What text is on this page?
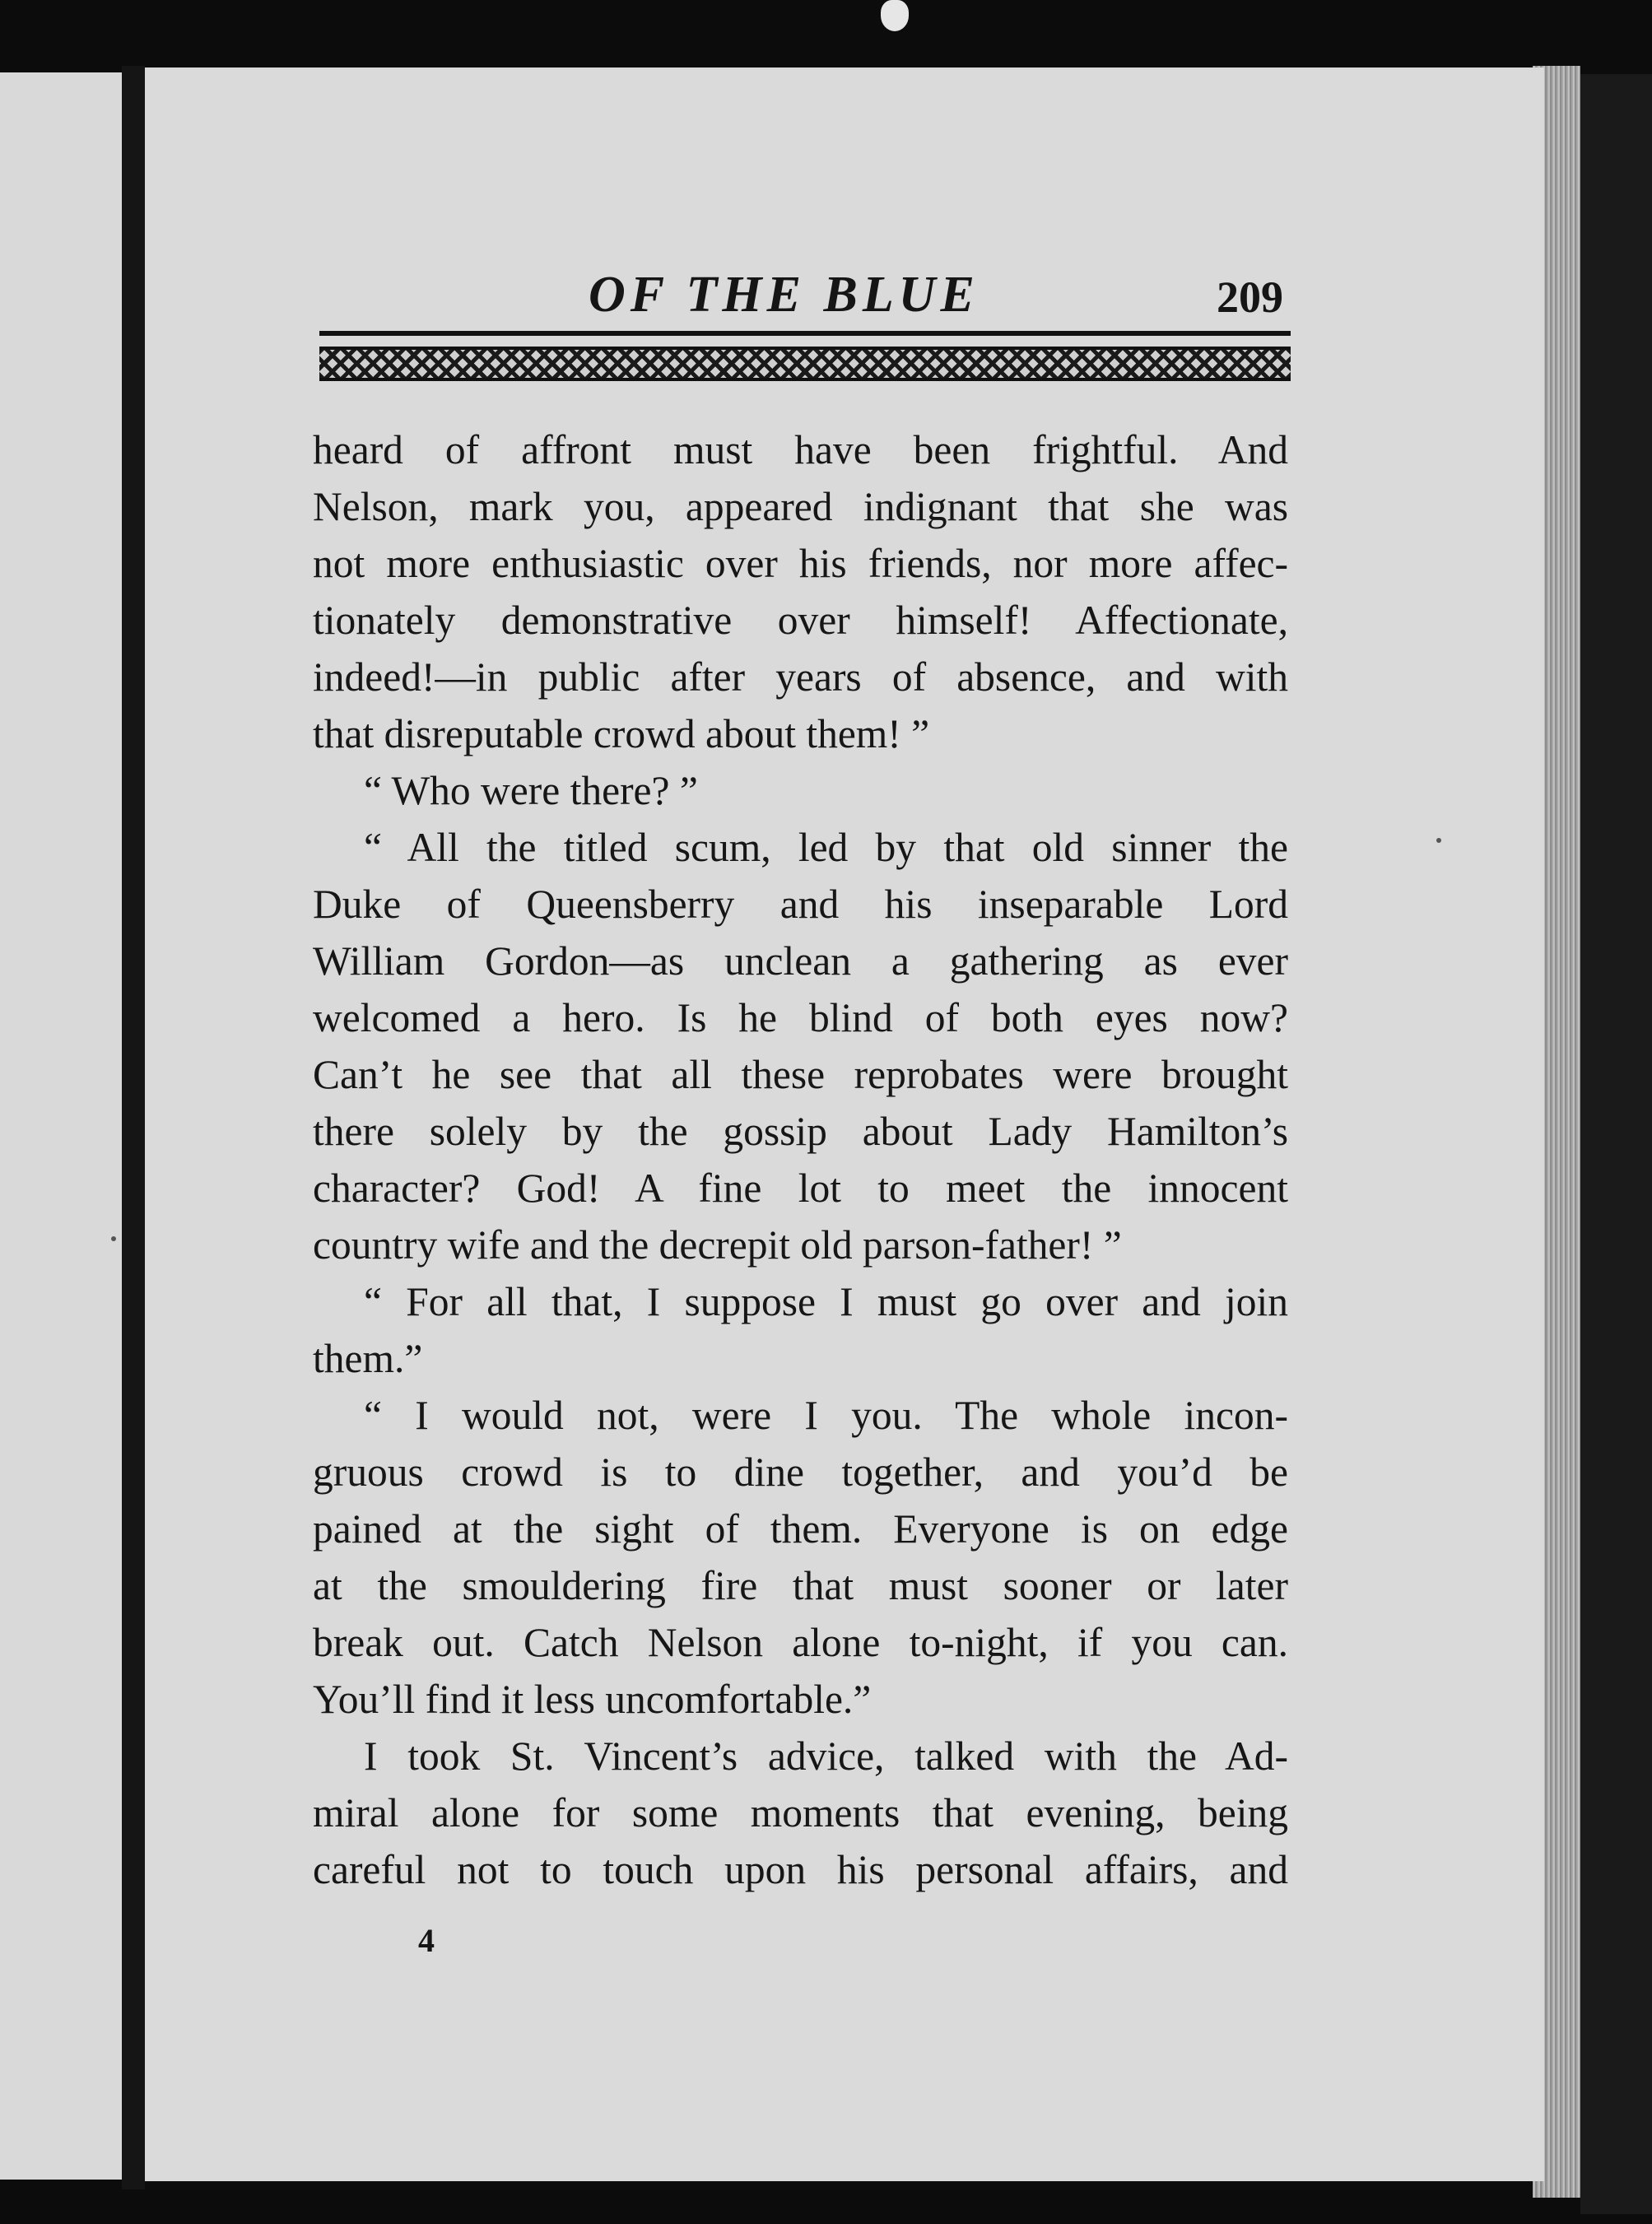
OF THE BLUE	209
heard of affront must have been frightful. And
Nelson, mark you, appeared indignant that she was
not more enthusiastic over his friends, nor more affec-
tionately demonstrative over himself! Affectionate,
indeed!—in public after years of absence, and with
that disreputable crowd about them! ”
“ Who were there? ”
“ All the titled scum, led by that old sinner the
Duke of Queensberry and his inseparable Lord
William Gordon—as unclean a gathering as ever
welcomed a hero. Is he blind of both eyes now?
Can’t he see that all these reprobates were brought
there solely by the gossip about Lady Hamilton’s
character? God! A fine lot to meet the innocent
country wife and the decrepit old parson-father! ”
“ For all that, I suppose I must go over and join
them.”
“ I would not, were I you. The whole incon-
gruous crowd is to dine together, and you’d be
pained at the sight of them. Everyone is on edge
at the smouldering fire that must sooner or later
break out. Catch Nelson alone to-night, if you can.
You’ll find it less uncomfortable.”
I took St. Vincent’s advice, talked with the Ad-
miral alone for some moments that evening, being
careful not to touch upon his personal affairs, and
4
